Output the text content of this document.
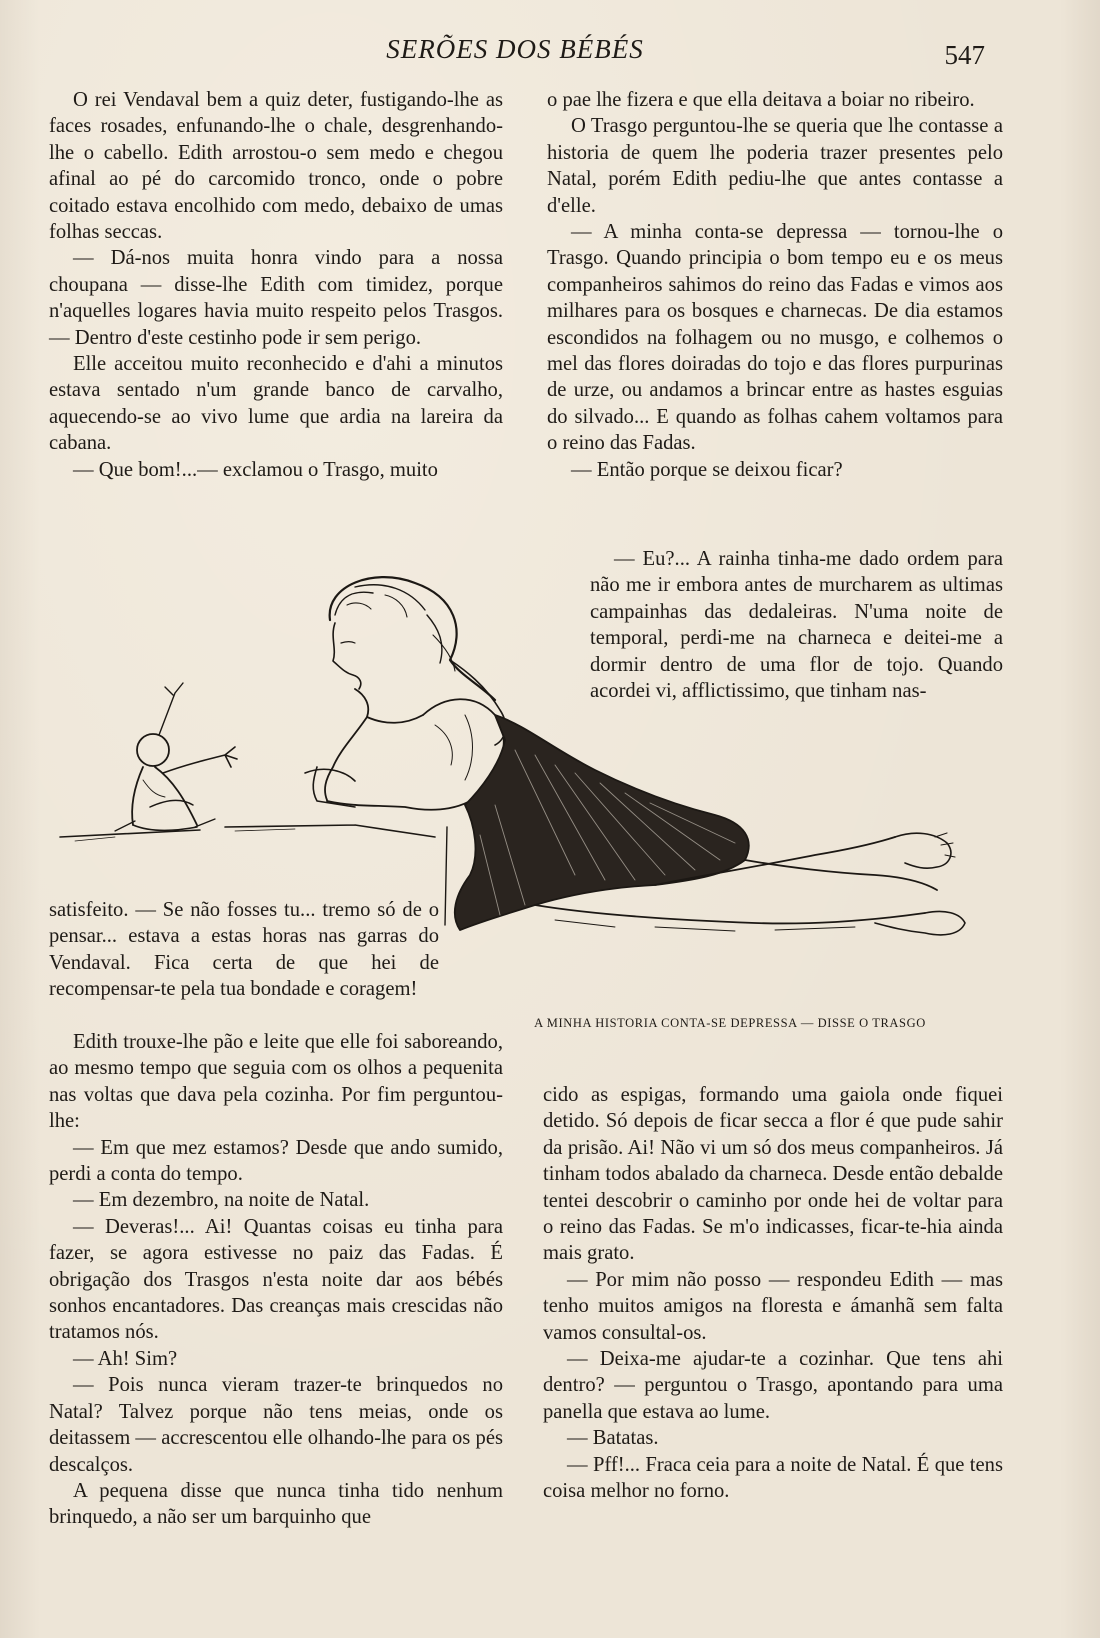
SERÕES DOS BÉBÉS	547

O rei Vendaval bem a quiz deter, fustigando-lhe as faces rosades, enfunando-lhe o chale, desgrenhando-lhe o cabello. Edith arrostou-o sem medo e chegou afinal ao pé do carcomido tronco, onde o pobre coitado estava encolhido com medo, debaixo de umas folhas seccas.

— Dá-nos muita honra vindo para a nossa choupana — disse-lhe Edith com timidez, porque n'aquelles logares havia muito respeito pelos Trasgos. — Dentro d'este cestinho pode ir sem perigo.

Elle acceitou muito reconhecido e d'ahi a minutos estava sentado n'um grande banco de carvalho, aquecendo-se ao vivo lume que ardia na lareira da cabana.

— Que bom!...— exclamou o Trasgo, muito

o pae lhe fizera e que ella deitava a boiar no ribeiro.

O Trasgo perguntou-lhe se queria que lhe contasse a historia de quem lhe poderia trazer presentes pelo Natal, porém Edith pediu-lhe que antes contasse a d'elle.

— A minha conta-se depressa — tornou-lhe o Trasgo. Quando principia o bom tempo eu e os meus companheiros sahimos do reino das Fadas e vimos aos milhares para os bosques e charnecas. De dia estamos escondidos na folhagem ou no musgo, e colhemos o mel das flores doiradas do tojo e das flores purpurinas de urze, ou andamos a brincar entre as hastes esguias do silvado... E quando as folhas cahem voltamos para o reino das Fadas.

— Então porque se deixou ficar?

— Eu?... A rainha tinha-me dado ordem para não me ir embora antes de murcharem as ultimas campainhas das dedaleiras. N'uma noite de temporal, perdi-me na charneca e deitei-me a dormir dentro de uma flor de tojo. Quando acordei vi, afflictissimo, que tinham nas-

A MINHA HISTORIA CONTA-SE DEPRESSA — DISSE O TRASGO

satisfeito. — Se não fosses tu... tremo só de o pensar... estava a estas horas nas garras do Vendaval. Fica certa de que hei de recompensar-te pela tua bondade e coragem!

Edith trouxe-lhe pão e leite que elle foi saboreando, ao mesmo tempo que seguia com os olhos a pequenita nas voltas que dava pela cozinha. Por fim perguntou-lhe:

— Em que mez estamos? Desde que ando sumido, perdi a conta do tempo.

— Em dezembro, na noite de Natal.

— Deveras!... Ai! Quantas coisas eu tinha para fazer, se agora estivesse no paiz das Fadas. É obrigação dos Trasgos n'esta noite dar aos bébés sonhos encantadores. Das creanças mais crescidas não tratamos nós.

— Ah! Sim?

— Pois nunca vieram trazer-te brinquedos no Natal? Talvez porque não tens meias, onde os deitassem — accrescentou elle olhando-lhe para os pés descalços.

A pequena disse que nunca tinha tido nenhum brinquedo, a não ser um barquinho que

cido as espigas, formando uma gaiola onde fiquei detido. Só depois de ficar secca a flor é que pude sahir da prisão. Ai! Não vi um só dos meus companheiros. Já tinham todos abalado da charneca. Desde então debalde tentei descobrir o caminho por onde hei de voltar para o reino das Fadas. Se m'o indicasses, ficar-te-hia ainda mais grato.

— Por mim não posso — respondeu Edith — mas tenho muitos amigos na floresta e ámanhã sem falta vamos consultal-os.

— Deixa-me ajudar-te a cozinhar. Que tens ahi dentro? — perguntou o Trasgo, apontando para uma panella que estava ao lume.

— Batatas.

— Pff!... Fraca ceia para a noite de Natal. É que tens coisa melhor no forno.
